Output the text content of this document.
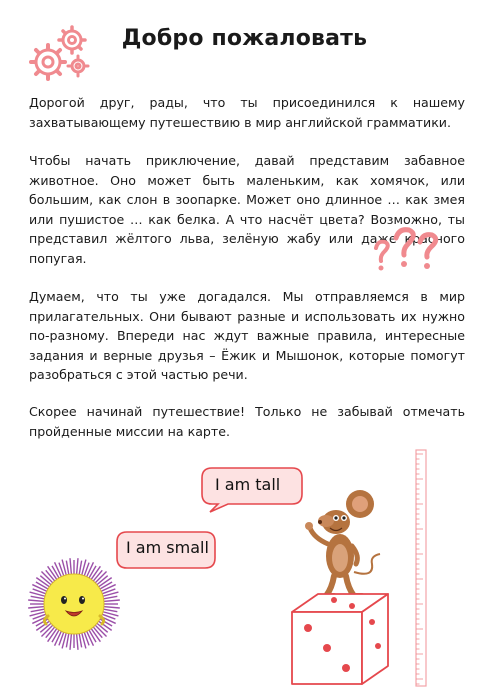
Добро пожаловать

Дорогой друг, рады, что ты присоединился к нашему захватывающему путешествию в мир английской грамматики.

Чтобы начать приключение, давай представим забавное животное. Оно может быть маленьким, как хомячок, или большим, как слон в зоопарке. Может оно длинное … как змея или пушистое … как белка. А что насчёт цвета? Возможно, ты представил жёлтого льва, зелёную жабу или даже красного попугая.

Думаем, что ты уже догадался. Мы отправляемся в мир прилагательных. Они бывают разные и использовать их нужно по-разному. Впереди нас ждут важные правила, интересные задания и верные друзья – Ёжик и Мышонок, которые помогут разобраться с этой частью речи.

Скорее начинай путешествие! Только не забывай отмечать пройденные миссии на карте.

I am tall
I am small
